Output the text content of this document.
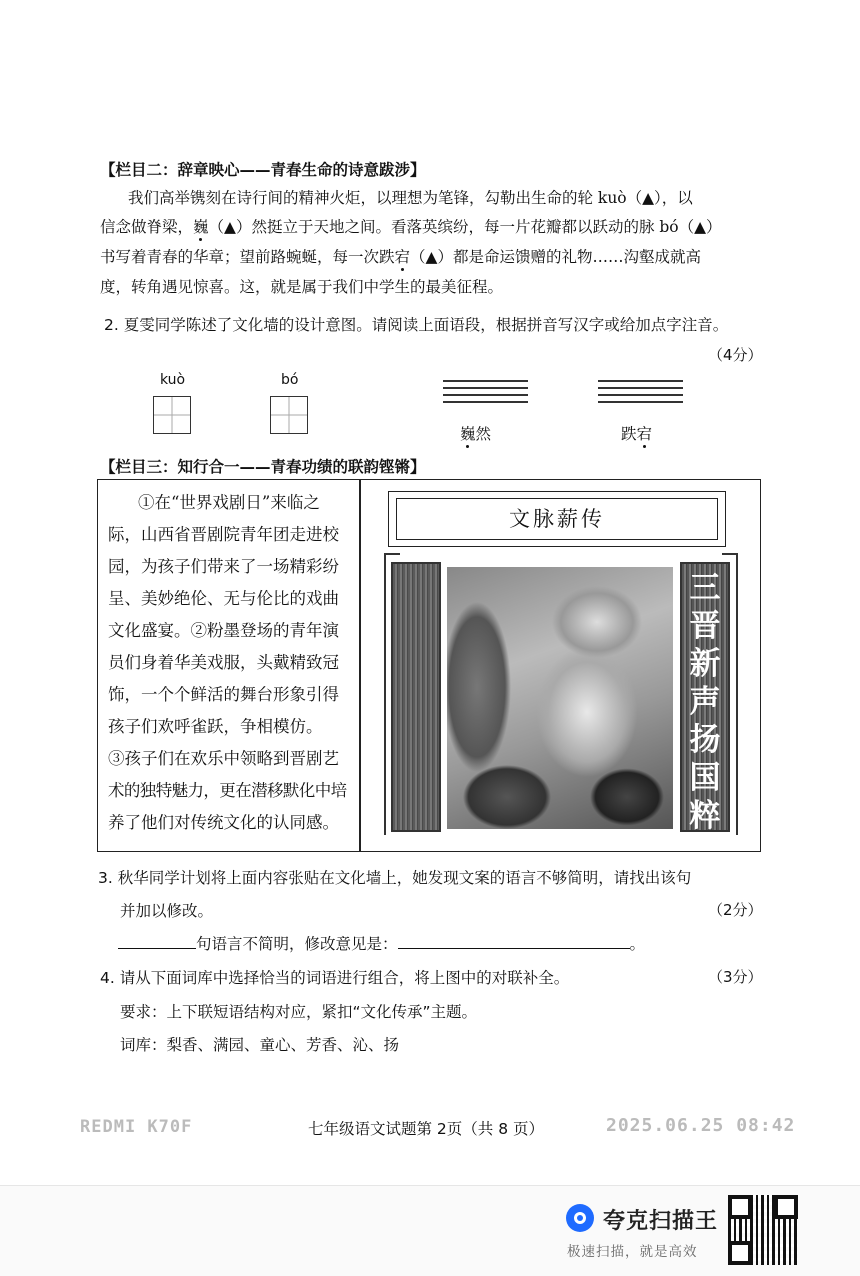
【栏目二：辞章映心——青春生命的诗意跋涉】
我们高举镌刻在诗行间的精神火炬，以理想为笔锋，勾勒出生命的轮 kuò（▲），以
信念做脊梁，巍（▲）然挺立于天地之间。看落英缤纷，每一片花瓣都以跃动的脉 bó（▲）
书写着青春的华章；望前路蜿蜒，每一次跌宕（▲）都是命运馈赠的礼物……沟壑成就高
度，转角遇见惊喜。这，就是属于我们中学生的最美征程。
2. 夏雯同学陈述了文化墙的设计意图。请阅读上面语段，根据拼音写汉字或给加点字注音。
（4分）
kuò	bó
巍然	跌宕
【栏目三：知行合一——青春功绩的联韵铿锵】
①在“世界戏剧日”来临之
际，山西省晋剧院青年团走进校
园，为孩子们带来了一场精彩纷
呈、美妙绝伦、无与伦比的戏曲
文化盛宴。②粉墨登场的青年演
员们身着华美戏服，头戴精致冠
饰，一个个鲜活的舞台形象引得
孩子们欢呼雀跃，争相模仿。
③孩子们在欢乐中领略到晋剧艺
术的独特魅力，更在潜移默化中培
养了他们对传统文化的认同感。
文脉薪传
三
晋
新
声
扬
国
粹
3. 秋华同学计划将上面内容张贴在文化墙上，她发现文案的语言不够简明，请找出该句
并加以修改。	（2分）
句语言不简明，修改意见是：	。
4. 请从下面词库中选择恰当的词语进行组合，将上图中的对联补全。	（3分）
要求：上下联短语结构对应，紧扣“文化传承”主题。
词库：梨香、满园、童心、芳香、沁、扬
REDMI K70F	七年级语文试题第 2页（共 8 页）	2025.06.25 08:42
夸克扫描王
极速扫描，就是高效
